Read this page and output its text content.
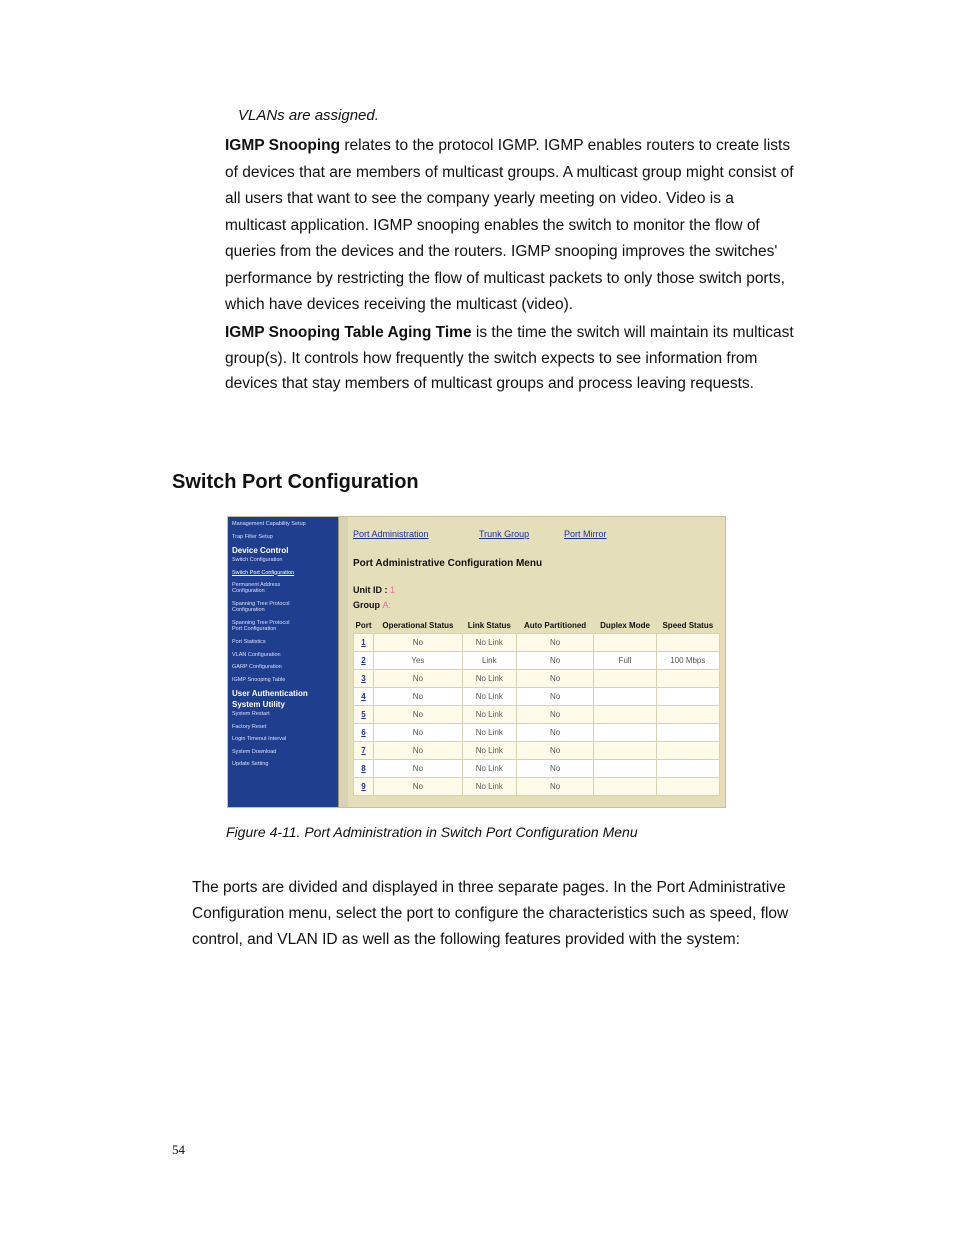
VLANs are assigned.
IGMP Snooping relates to the protocol IGMP. IGMP enables routers to create lists of devices that are members of multicast groups. A multicast group might consist of all users that want to see the company yearly meeting on video. Video is a multicast application. IGMP snooping enables the switch to monitor the flow of queries from the devices and the routers. IGMP snooping improves the switches' performance by restricting the flow of multicast packets to only those switch ports, which have devices receiving the multicast (video).
IGMP Snooping Table Aging Time is the time the switch will maintain its multicast group(s). It controls how frequently the switch expects to see information from devices that stay members of multicast groups and process leaving requests.
Switch Port Configuration
Management Capability Setup
Trap Filter Setup
Device Control
Switch Configuration
Switch Port Configuration
Permanent Address
Configuration
Spanning Tree Protocol
Configuration
Spanning Tree Protocol
Port Configuration
Port Statistics
VLAN Configuration
GARP Configuration
IGMP Snooping Table
User Authentication
System Utility
System Restart
Factory Reset
Login Timeout Interval
System Download
Update Setting
Port Administration	Trunk Group	Port Mirror
Port Administrative Configuration Menu
Unit ID : 1
Group A:
Port	Operational Status	Link Status	Auto Partitioned	Duplex Mode	Speed Status
1	No	No Link	No		
2	Yes	Link	No	Full	100 Mbps
3	No	No Link	No		
4	No	No Link	No		
5	No	No Link	No		
6	No	No Link	No		
7	No	No Link	No		
8	No	No Link	No		
9	No	No Link	No		
Figure 4-11. Port Administration in Switch Port Configuration Menu
The ports are divided and displayed in three separate pages. In the Port Administrative Configuration menu, select the port to configure the characteristics such as speed, flow control, and VLAN ID as well as the following features provided with the system:
54
